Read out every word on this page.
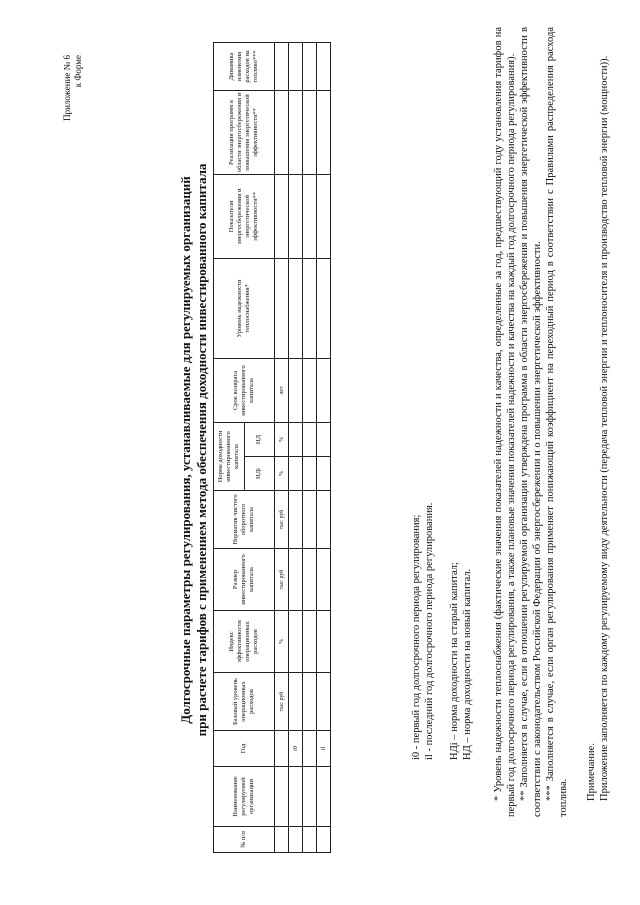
Приложение № 6 к Форме
Долгосрочные параметры регулирования, устанавливаемые для регулируемых организаций при расчете тарифов с применением метода обеспечения доходности инвестированного капитала
№ п/п	Наименование регулируемой организации	Год	Базовый уровень операционных расходов	Индекс эффективности операционных расходов	Размер инвестированного капитала	Норматив чистого оборотного капитала	Норма доходности инвестированного капитала		Срок возврата инвестированного капитала	Уровень надежности теплоснабжения*	Показатели энергосбережения и энергетической эффективности**	Реализация программ в области энергосбережения и повышения энергетической эффективности**	Динамика изменения расходов на топливо***
							НДi	НД					
			тыс руб	%	тыс руб	тыс руб	%	%	лет				
		i0											

		il												i0 - первый год долгосрочного периода регулирования; il - последний год долгосрочного периода регулирования. НДi – норма доходности на старый капитал; НД – норма доходности на новый капитал. * Уровень надежности теплоснабжения (фактические значения показателей надежности и качества, определенные за год, предшествующий году установления тарифов на первый год долгосрочного периода регулирования, а также плановые значения показателей надежности и качества на каждый год долгосрочного периода регулирования). ** Заполняется в случае, если в отношении регулируемой организации утверждена программа в области энергосбережения и повышения энергетической эффективности в соответствии с законодательством Российской Федерации об энергосбережении и о повышении энергетической эффективности. *** Заполняется в случае, если орган регулирования применяет понижающий коэффициент на переходный период в соответствии с Правилами распределения расхода топлива. Примечание. Приложение заполняется по каждому регулируемому виду деятельности (передача тепловой энергии и теплоносителя и производство тепловой энергии (мощности)).
